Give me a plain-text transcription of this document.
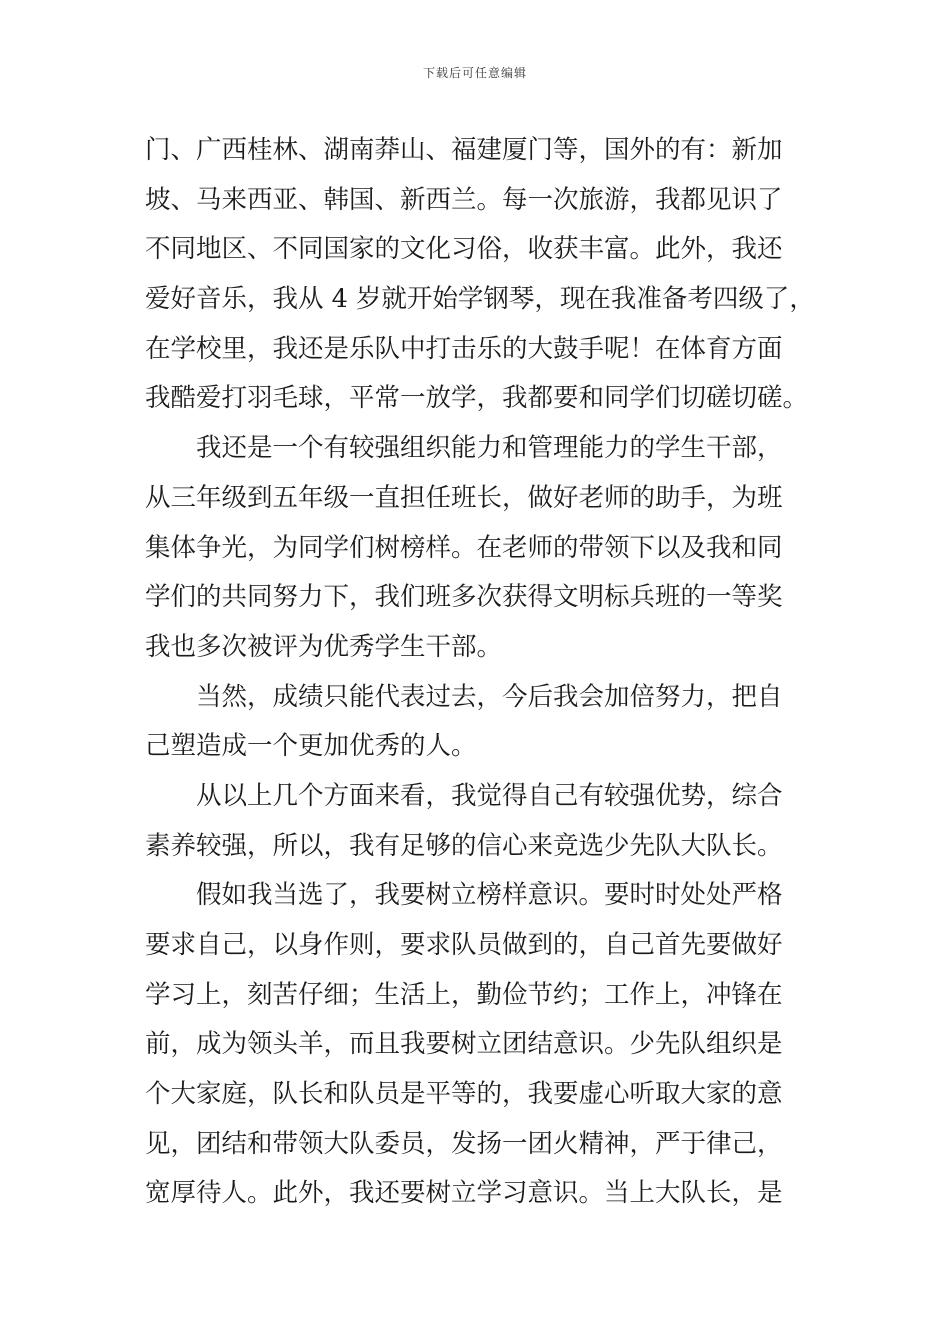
下载后可任意编辑
门、广西桂林、湖南莽山、福建厦门等，国外的有：新加
坡、马来西亚、韩国、新西兰。每一次旅游，我都见识了
不同地区、不同国家的文化习俗，收获丰富。此外，我还
爱好音乐，我从 4 岁就开始学钢琴，现在我准备考四级了，
在学校里，我还是乐队中打击乐的大鼓手呢！在体育方面
我酷爱打羽毛球，平常一放学，我都要和同学们切磋切磋。
　　我还是一个有较强组织能力和管理能力的学生干部，
从三年级到五年级一直担任班长，做好老师的助手，为班
集体争光，为同学们树榜样。在老师的带领下以及我和同
学们的共同努力下，我们班多次获得文明标兵班的一等奖
我也多次被评为优秀学生干部。
　　当然，成绩只能代表过去，今后我会加倍努力，把自
己塑造成一个更加优秀的人。
　　从以上几个方面来看，我觉得自己有较强优势，综合
素养较强，所以，我有足够的信心来竞选少先队大队长。
　　假如我当选了，我要树立榜样意识。要时时处处严格
要求自己，以身作则，要求队员做到的，自己首先要做好
学习上，刻苦仔细；生活上，勤俭节约；工作上，冲锋在
前，成为领头羊，而且我要树立团结意识。少先队组织是
个大家庭，队长和队员是平等的，我要虚心听取大家的意
见，团结和带领大队委员，发扬一团火精神，严于律己，
宽厚待人。此外，我还要树立学习意识。当上大队长，是
